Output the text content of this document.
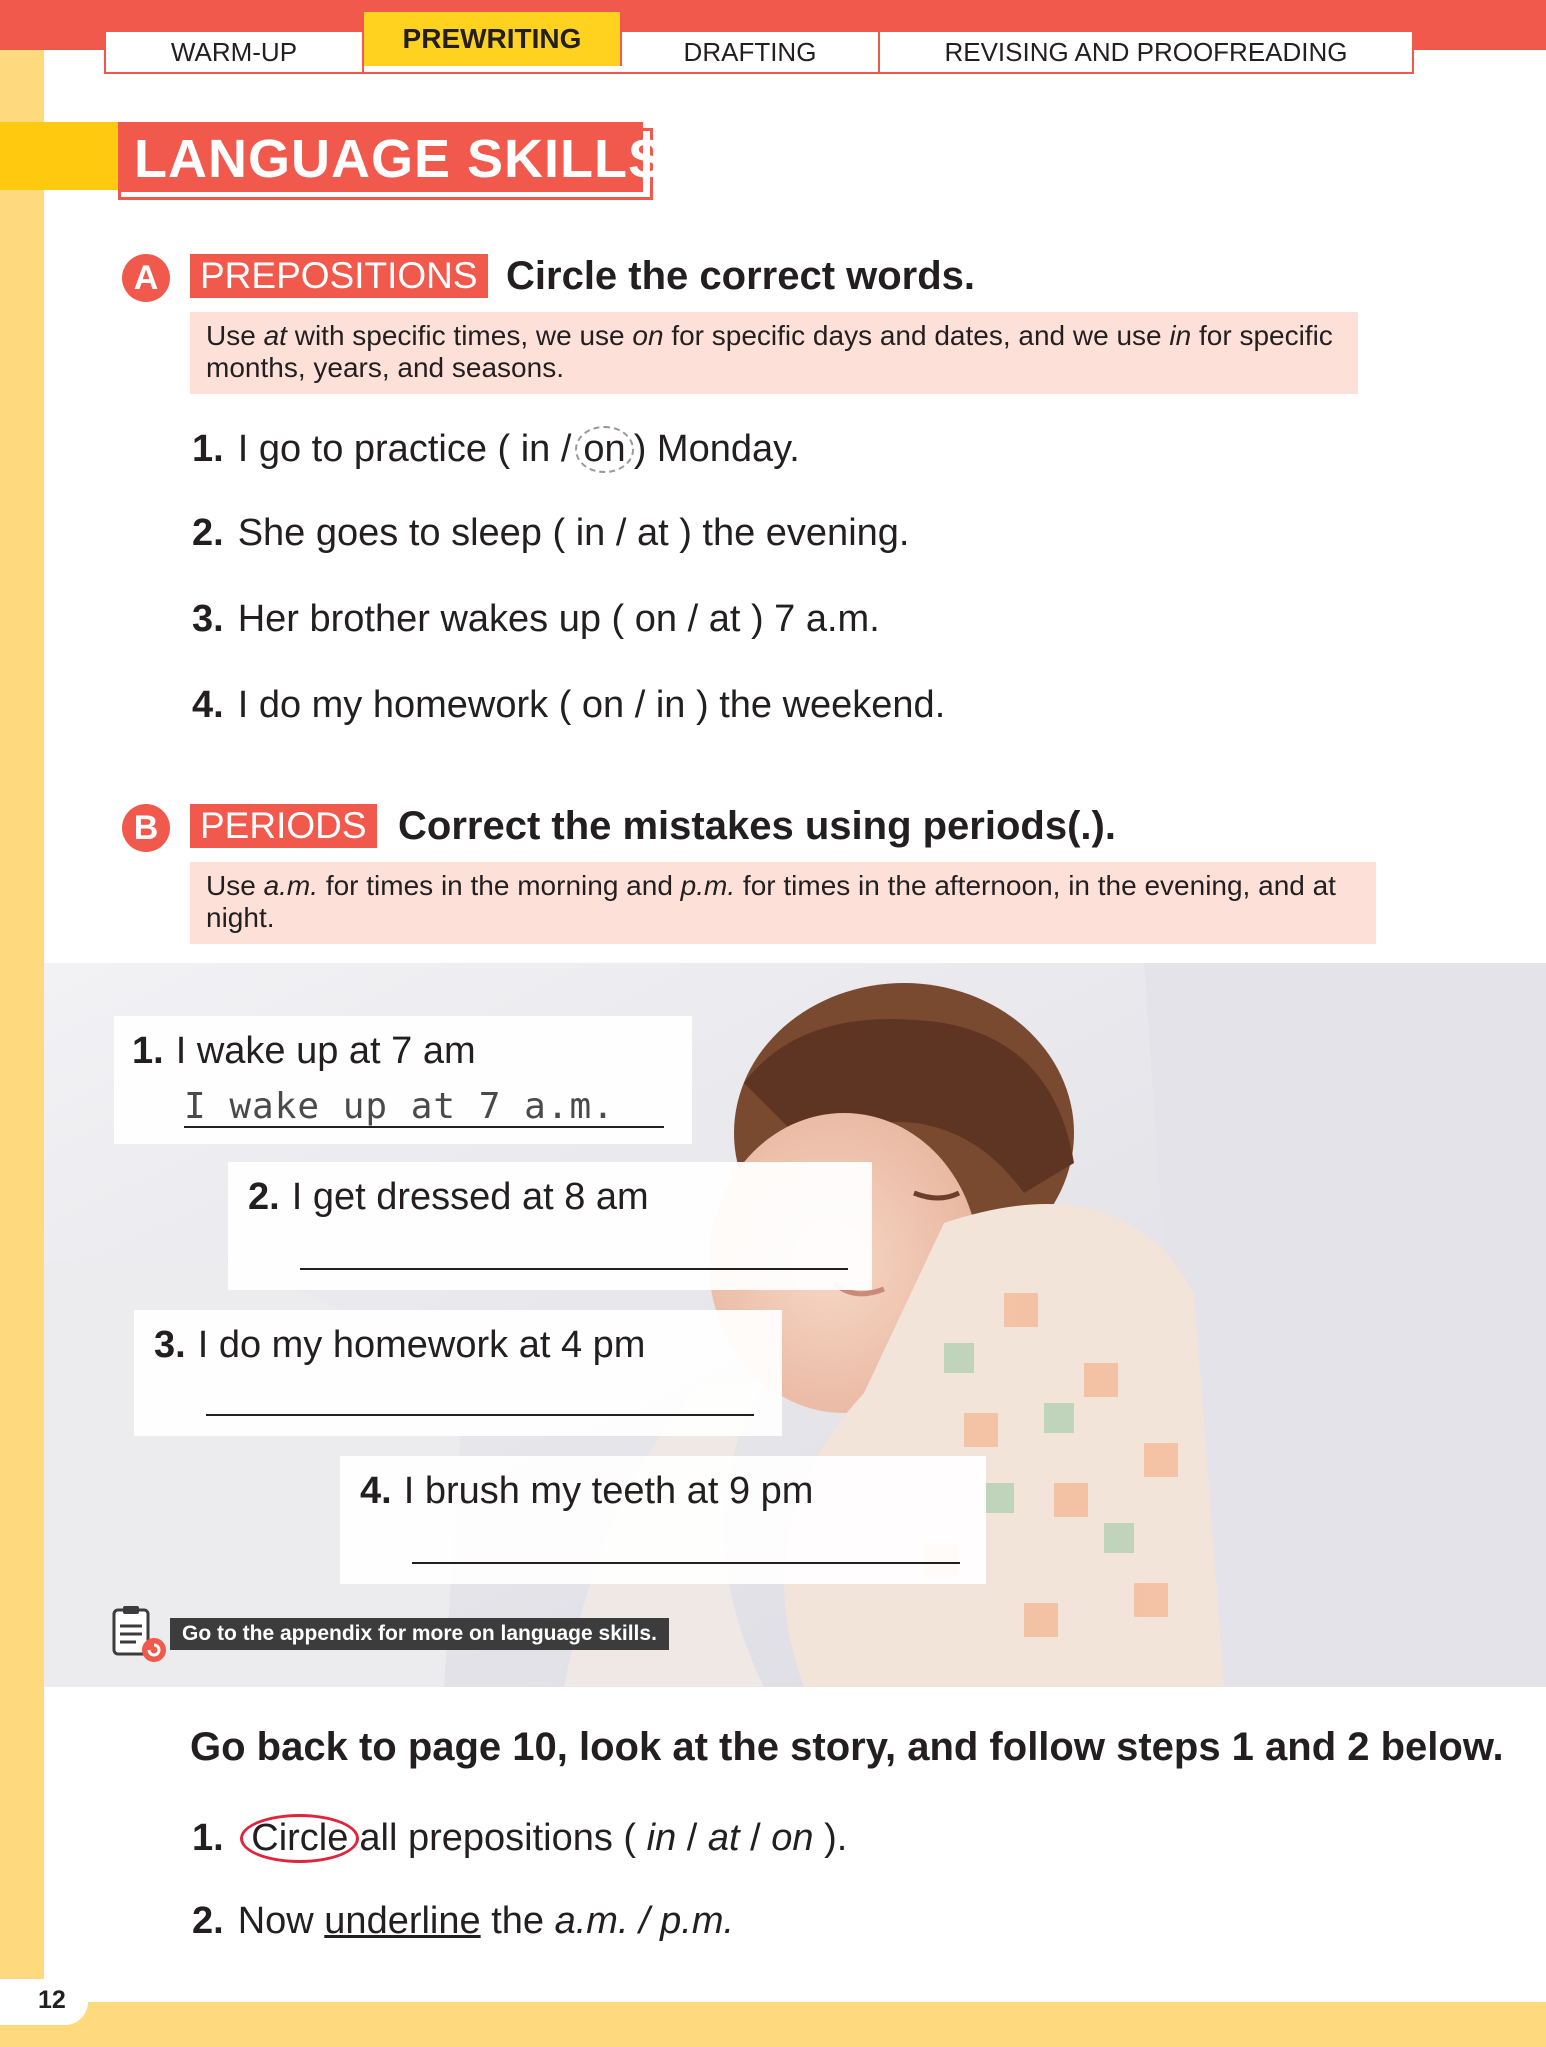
12
WARM-UP	PREWRITING	DRAFTING	REVISING AND PROOFREADING
LANGUAGE SKILLS
A	PREPOSITIONS Circle the correct words.
Use at with specific times, we use on for specific days and dates, and we use in for specific months, years, and seasons.
1. I go to practice ( in / on ) Monday.
2. She goes to sleep ( in / at ) the evening.
3. Her brother wakes up ( on / at ) 7 a.m.
4. I do my homework ( on / in ) the weekend.
B	PERIODS Correct the mistakes using periods(.).
Use a.m. for times in the morning and p.m. for times in the afternoon, in the evening, and at night.
1. I wake up at 7 am
I wake up at 7 a.m.
2. I get dressed at 8 am
3. I do my homework at 4 pm
4. I brush my teeth at 9 pm
Go to the appendix for more on language skills.
Go back to page 10, look at the story, and follow steps 1 and 2 below.
1. Circle all prepositions ( in / at / on ).
2. Now underline the a.m. / p.m.
